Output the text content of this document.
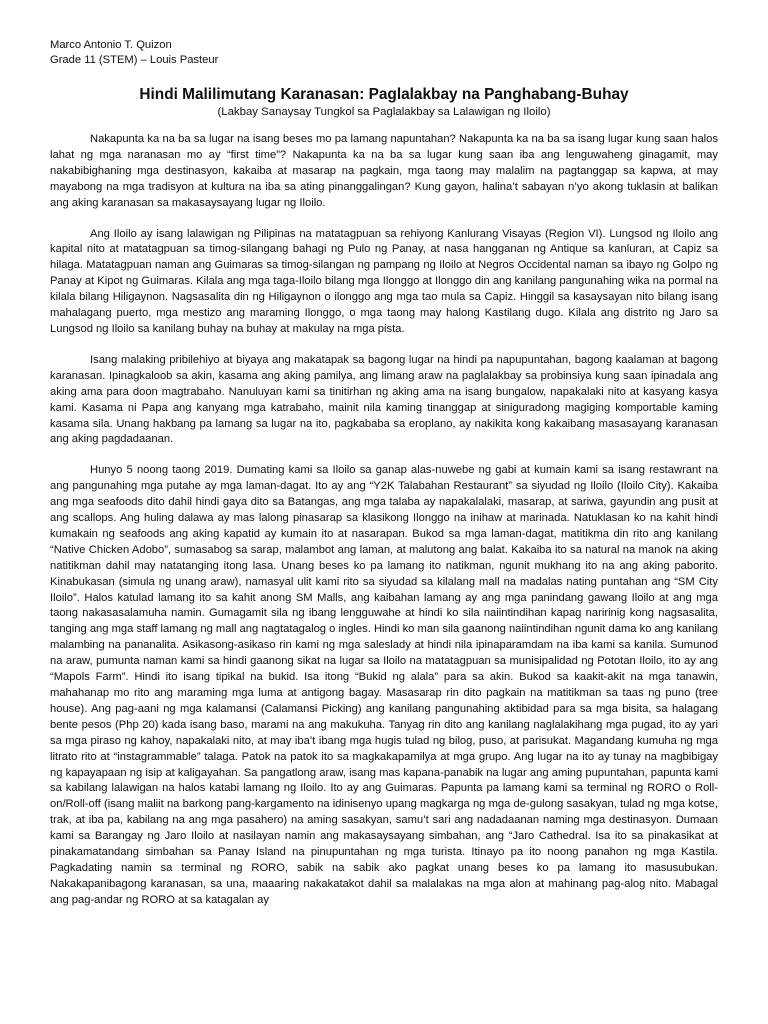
Marco Antonio T. Quizon
Grade 11 (STEM) – Louis Pasteur
Hindi Malilimutang Karanasan: Paglalakbay na Panghabang-Buhay
(Lakbay Sanaysay Tungkol sa Paglalakbay sa Lalawigan ng Iloilo)

Nakapunta ka na ba sa lugar na isang beses mo pa lamang napuntahan? Nakapunta ka na ba sa isang lugar kung saan halos lahat ng mga naranasan mo ay “first time”? Nakapunta ka na ba sa lugar kung saan iba ang lenguwaheng ginagamit, may nakabibighaning mga destinasyon, kakaiba at masarap na pagkain, mga taong may malalim na pagtanggap sa kapwa, at may mayabong na mga tradisyon at kultura na iba sa ating pinanggalingan? Kung gayon, halina’t sabayan n’yo akong tuklasin at balikan ang aking karanasan sa makasaysayang lugar ng Iloilo.

Ang Iloilo ay isang lalawigan ng Pilipinas na matatagpuan sa rehiyong Kanlurang Visayas (Region VI). Lungsod ng Iloilo ang kapital nito at matatagpuan sa timog-silangang bahagi ng Pulo ng Panay, at nasa hangganan ng Antique sa kanluran, at Capiz sa hilaga. Matatagpuan naman ang Guimaras sa timog-silangan ng pampang ng Iloilo at Negros Occidental naman sa ibayo ng Golpo ng Panay at Kipot ng Guimaras. Kilala ang mga taga-Iloilo bilang mga Ilonggo at Ilonggo din ang kanilang pangunahing wika na pormal na kilala bilang Hiligaynon. Nagsasalita din ng Hiligaynon o ilonggo ang mga tao mula sa Capiz. Hinggil sa kasaysayan nito bilang isang mahalagang puerto, mga mestizo ang maraming Ilonggo, o mga taong may halong Kastilang dugo. Kilala ang distrito ng Jaro sa Lungsod ng Iloilo sa kanilang buhay na buhay at makulay na mga pista.

Isang malaking pribilehiyo at biyaya ang makatapak sa bagong lugar na hindi pa napupuntahan, bagong kaalaman at bagong karanasan. Ipinagkaloob sa akin, kasama ang aking pamilya, ang limang araw na paglalakbay sa probinsiya kung saan ipinadala ang aking ama para doon magtrabaho. Nanuluyan kami sa tinitirhan ng aking ama na isang bungalow, napakalaki nito at kasyang kasya kami. Kasama ni Papa ang kanyang mga katrabaho, mainit nila kaming tinanggap at siniguradong magiging komportable kaming kasama sila. Unang hakbang pa lamang sa lugar na ito, pagkababa sa eroplano, ay nakikita kong kakaibang masasayang karanasan ang aking pagdadaanan.

Hunyo 5 noong taong 2019. Dumating kami sa Iloilo sa ganap alas-nuwebe ng gabi at kumain kami sa isang restawrant na ang pangunahing mga putahe ay mga laman-dagat. Ito ay ang “Y2K Talabahan Restaurant” sa siyudad ng Iloilo (Iloilo City). Kakaiba ang mga seafoods dito dahil hindi gaya dito sa Batangas, ang mga talaba ay napakalalaki, masarap, at sariwa, gayundin ang pusit at ang scallops. Ang huling dalawa ay mas lalong pinasarap sa klasikong Ilonggo na inihaw at marinada. Natuklasan ko na kahit hindi kumakain ng seafoods ang aking kapatid ay kumain ito at nasarapan. Bukod sa mga laman-dagat, matitikma din rito ang kanilang “Native Chicken Adobo”, sumasabog sa sarap, malambot ang laman, at malutong ang balat. Kakaiba ito sa natural na manok na aking natitikman dahil may natatanging itong lasa. Unang beses ko pa lamang ito natikman, ngunit mukhang ito na ang aking paborito. Kinabukasan (simula ng unang araw), namasyal ulit kami rito sa siyudad sa kilalang mall na madalas nating puntahan ang “SM City Iloilo”. Halos katulad lamang ito sa kahit anong SM Malls, ang kaibahan lamang ay ang mga panindang gawang Iloilo at ang mga taong nakasasalamuha namin. Gumagamit sila ng ibang lengguwahe at hindi ko sila naiintindihan kapag naririnig kong nagsasalita, tanging ang mga staff lamang ng mall ang nagtatagalog o ingles. Hindi ko man sila gaanong naiintindihan ngunit dama ko ang kanilang malambing na pananalita. Asikasong-asikaso rin kami ng mga saleslady at hindi nila ipinaparamdam na iba kami sa kanila. Sumunod na araw, pumunta naman kami sa hindi gaanong sikat na lugar sa Iloilo na matatagpuan sa munisipalidad ng Pototan Iloilo, ito ay ang “Mapols Farm”. Hindi ito isang tipikal na bukid. Isa itong “Bukid ng alala” para sa akin. Bukod sa kaakit-akit na mga tanawin, mahahanap mo rito ang maraming mga luma at antigong bagay. Masasarap rin dito pagkain na matitikman sa taas ng puno (tree house). Ang pag-aani ng mga kalamansi (Calamansi Picking) ang kanilang pangunahing aktibidad para sa mga bisita, sa halagang bente pesos (Php 20) kada isang baso, marami na ang makukuha. Tanyag rin dito ang kanilang naglalakihang mga pugad, ito ay yari sa mga piraso ng kahoy, napakalaki nito, at may iba’t ibang mga hugis tulad ng bilog, puso, at parisukat. Magandang kumuha ng mga litrato rito at “instagrammable” talaga. Patok na patok ito sa magkakapamilya at mga grupo. Ang lugar na ito ay tunay na magbibigay ng kapayapaan ng isip at kaligayahan. Sa pangatlong araw, isang mas kapana-panabik na lugar ang aming pupuntahan, papunta kami sa kabilang lalawigan na halos katabi lamang ng Iloilo. Ito ay ang Guimaras. Papunta pa lamang kami sa terminal ng RORO o Roll-on/Roll-off (isang maliit na barkong pang-kargamento na idinisenyo upang magkarga ng mga de-gulong sasakyan, tulad ng mga kotse, trak, at iba pa, kabilang na ang mga pasahero) na aming sasakyan, samu’t sari ang nadadaanan naming mga destinasyon. Dumaan kami sa Barangay ng Jaro Iloilo at nasilayan namin ang makasaysayang simbahan, ang “Jaro Cathedral. Isa ito sa pinakasikat at pinakamatandang simbahan sa Panay Island na pinupuntahan ng mga turista. Itinayo pa ito noong panahon ng mga Kastila. Pagkadating namin sa terminal ng RORO, sabik na sabik ako pagkat unang beses ko pa lamang ito masusubukan. Nakakapanibagong karanasan, sa una, maaaring nakakatakot dahil sa malalakas na mga alon at mahinang pag-alog nito. Mabagal ang pag-andar ng RORO at sa katagalan ay
